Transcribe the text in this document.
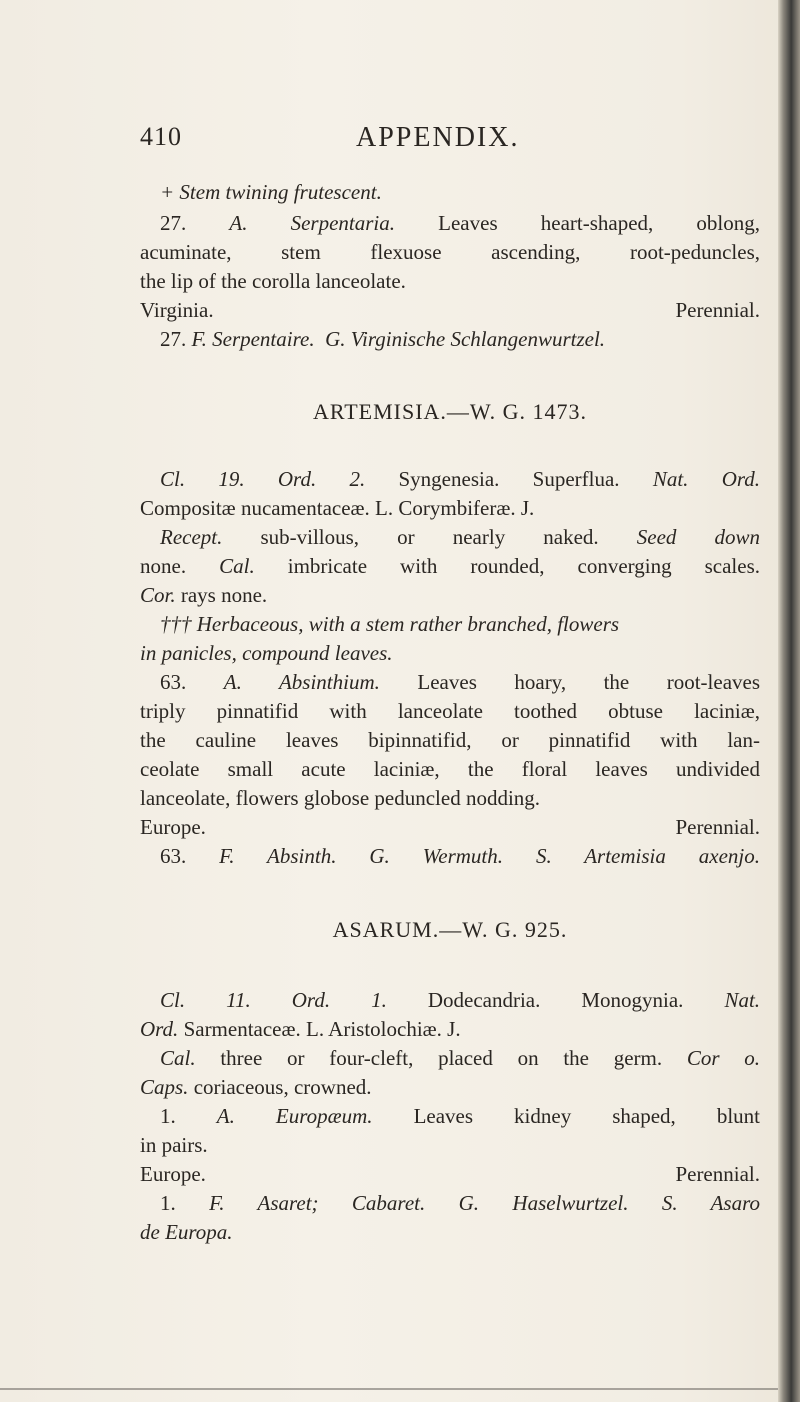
410	APPENDIX.
+ Stem twining frutescent.
27. A. Serpentaria. Leaves heart-shaped, oblong,
acuminate, stem flexuose ascending, root-peduncles,
the lip of the corolla lanceolate.
Virginia.	Perennial.
27. F. Serpentaire. G. Virginische Schlangenwurtzel.
ARTEMISIA.—W. G. 1473.
Cl. 19. Ord. 2. Syngenesia. Superflua. Nat. Ord.
Compositæ nucamentaceæ. L. Corymbiferæ. J.
Recept. sub-villous, or nearly naked. Seed down
none. Cal. imbricate with rounded, converging scales.
Cor. rays none.
††† Herbaceous, with a stem rather branched, flowers
in panicles, compound leaves.
63. A. Absinthium. Leaves hoary, the root-leaves
triply pinnatifid with lanceolate toothed obtuse laciniæ,
the cauline leaves bipinnatifid, or pinnatifid with lan-
ceolate small acute laciniæ, the floral leaves undivided
lanceolate, flowers globose peduncled nodding.
Europe.	Perennial.
63. F. Absinth. G. Wermuth. S. Artemisia axenjo.
ASARUM.—W. G. 925.
Cl. 11. Ord. 1. Dodecandria. Monogynia. Nat.
Ord. Sarmentaceæ. L. Aristolochiæ. J.
Cal. three or four-cleft, placed on the germ. Cor o.
Caps. coriaceous, crowned.
1. A. Europæum. Leaves kidney shaped, blunt
in pairs.
Europe.	Perennial.
1. F. Asaret; Cabaret. G. Haselwurtzel. S. Asaro
de Europa.
